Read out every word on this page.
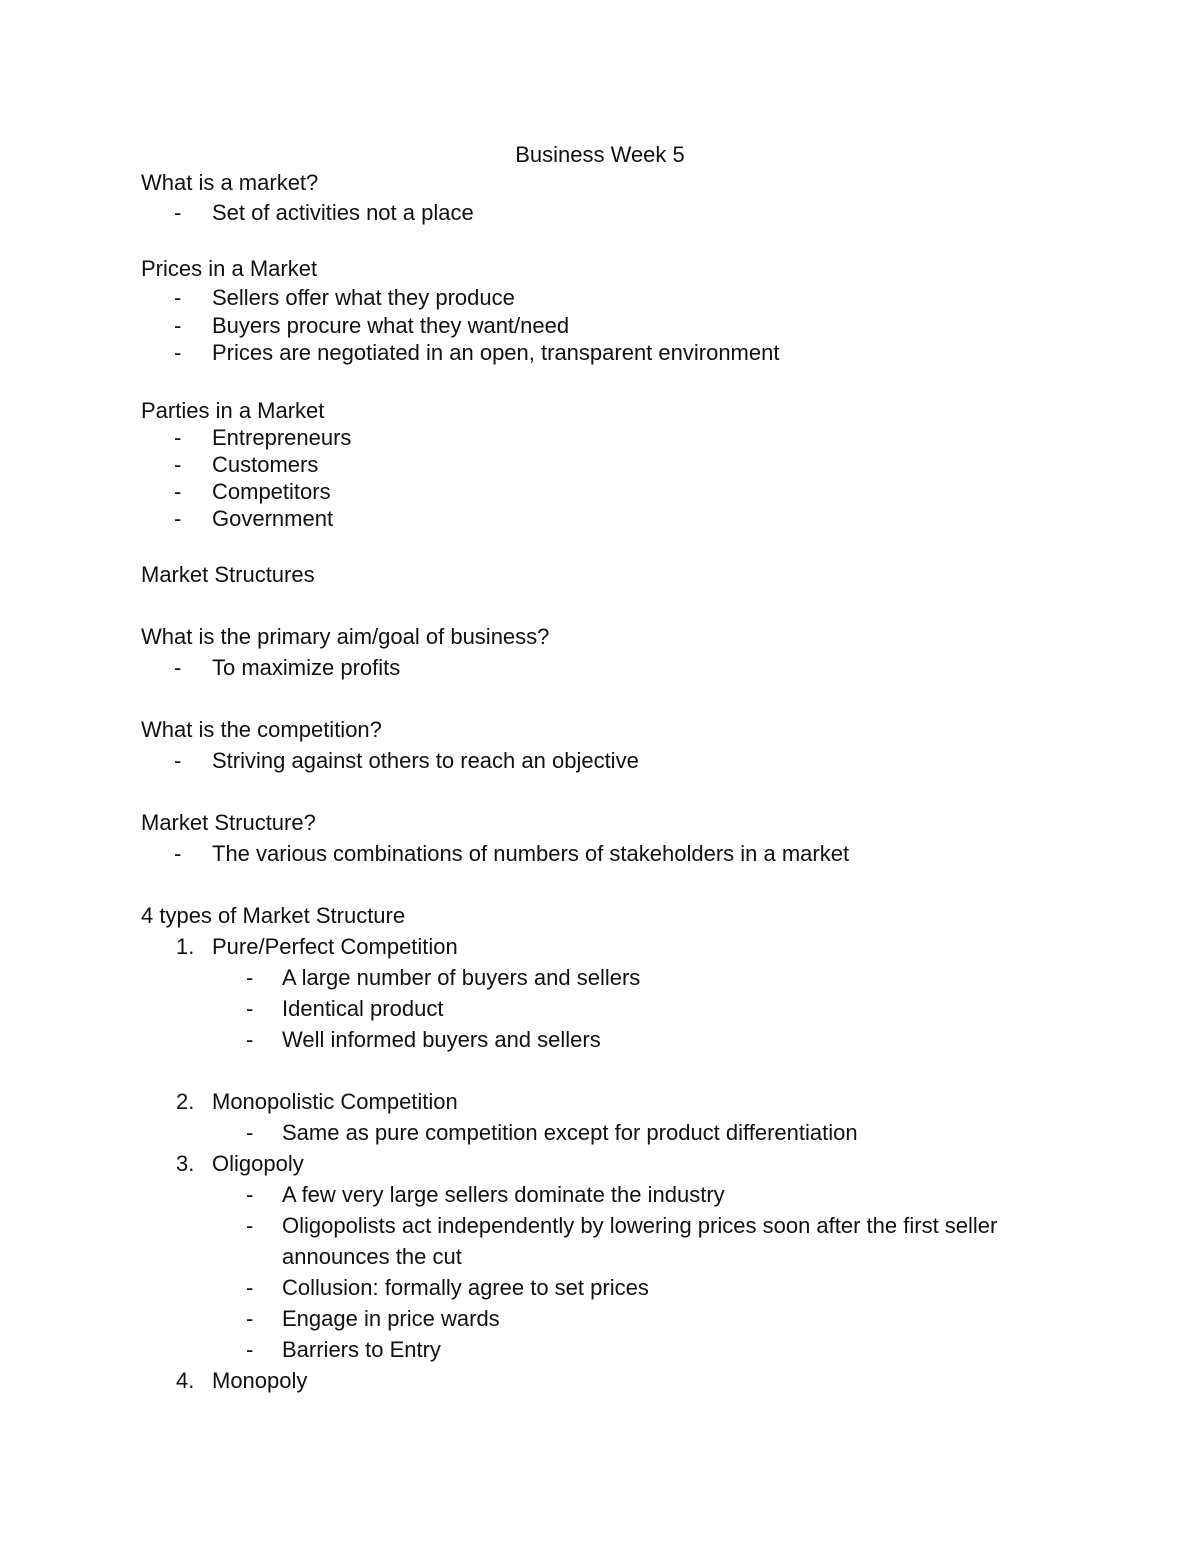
Business Week 5
What is a market?
- Set of activities not a place
Prices in a Market
- Sellers offer what they produce
- Buyers procure what they want/need
- Prices are negotiated in an open, transparent environment
Parties in a Market
- Entrepreneurs
- Customers
- Competitors
- Government
Market Structures
What is the primary aim/goal of business?
- To maximize profits
What is the competition?
- Striving against others to reach an objective
Market Structure?
- The various combinations of numbers of stakeholders in a market
4 types of Market Structure
1. Pure/Perfect Competition
- A large number of buyers and sellers
- Identical product
- Well informed buyers and sellers
2. Monopolistic Competition
- Same as pure competition except for product differentiation
3. Oligopoly
- A few very large sellers dominate the industry
- Oligopolists act independently by lowering prices soon after the first seller
announces the cut
- Collusion: formally agree to set prices
- Engage in price wards
- Barriers to Entry
4. Monopoly
